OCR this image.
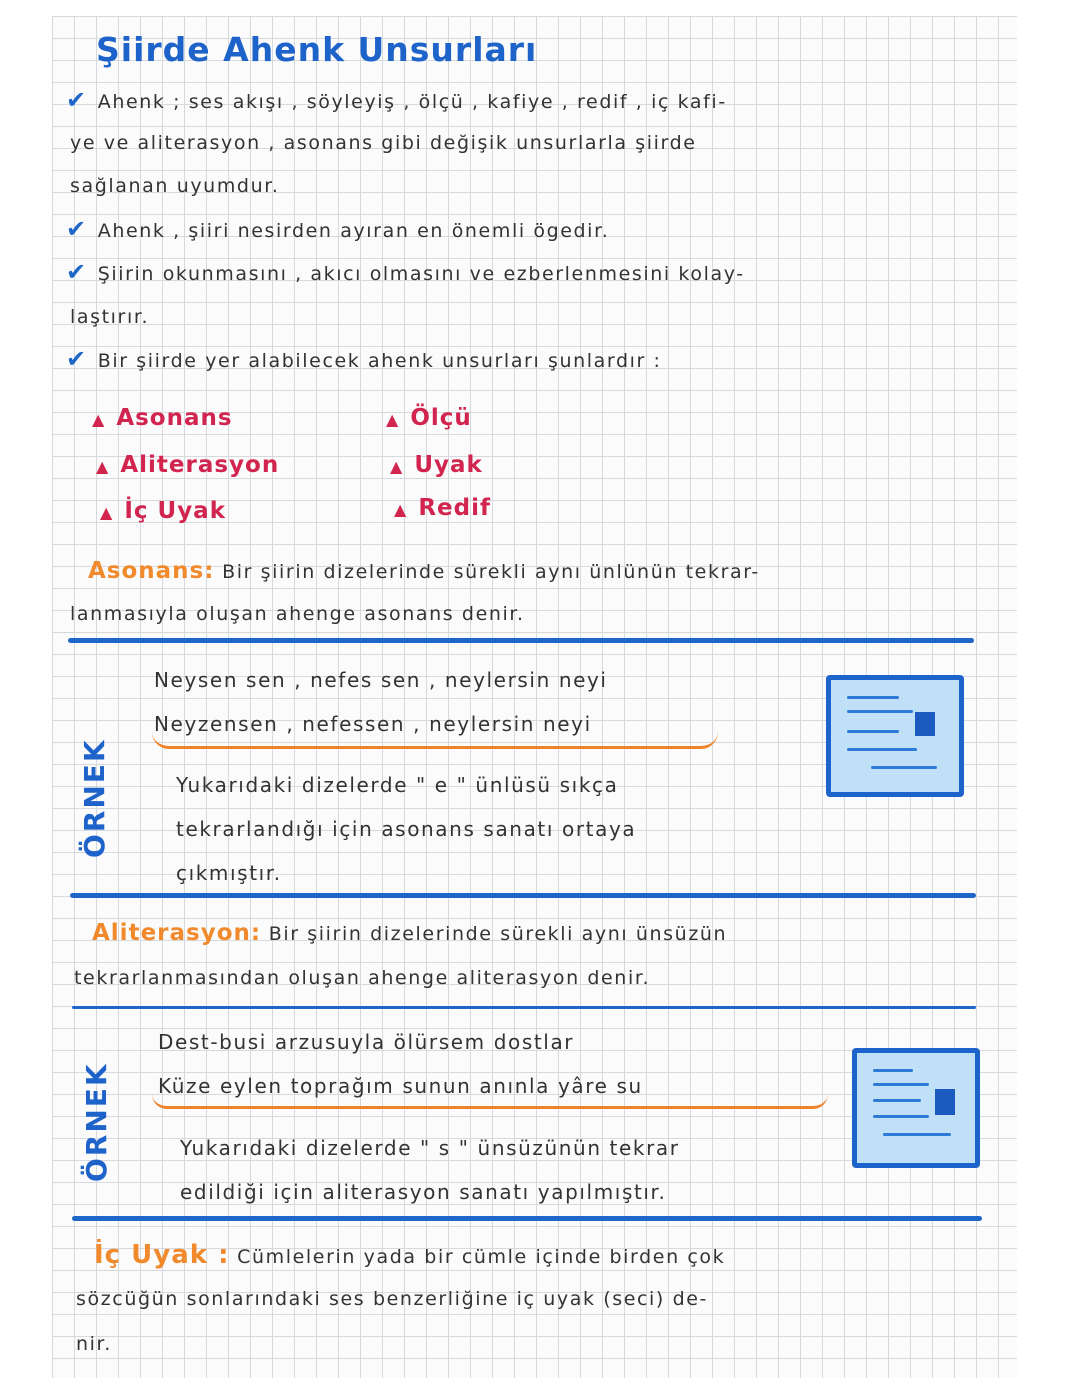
Şiirde Ahenk Unsurları
✔ Ahenk ; ses akışı , söyleyiş , ölçü , kafiye , redif , iç kafi-
ye ve aliterasyon , asonans gibi değişik unsurlarla şiirde
sağlanan uyumdur.
✔ Ahenk , şiiri nesirden ayıran en önemli ögedir.
✔ Şiirin okunmasını , akıcı olmasını ve ezberlenmesini kolay-
laştırır.
✔ Bir şiirde yer alabilecek ahenk unsurları şunlardır :
▲ Asonans
▲ Aliterasyon
▲ İç Uyak
▲ Ölçü
▲ Uyak
▲ Redif
Asonans: Bir şiirin dizelerinde sürekli aynı ünlünün tekrar-
lanmasıyla oluşan ahenge asonans denir.
ÖRNEK
Neysen sen , nefes sen , neylersin neyi
Neyzensen , nefessen , neylersin neyi
Yukarıdaki dizelerde " e " ünlüsü sıkça
tekrarlandığı için asonans sanatı ortaya
çıkmıştır.
Aliterasyon: Bir şiirin dizelerinde sürekli aynı ünsüzün
tekrarlanmasından oluşan ahenge aliterasyon denir.
ÖRNEK
Dest-busi arzusuyla ölürsem dostlar
Küze eylen toprağım sunun anınla yâre su
Yukarıdaki dizelerde " s " ünsüzünün tekrar
edildiği için aliterasyon sanatı yapılmıştır.
İç Uyak : Cümlelerin yada bir cümle içinde birden çok
sözcüğün sonlarındaki ses benzerliğine iç uyak (seci) de-
nir.
